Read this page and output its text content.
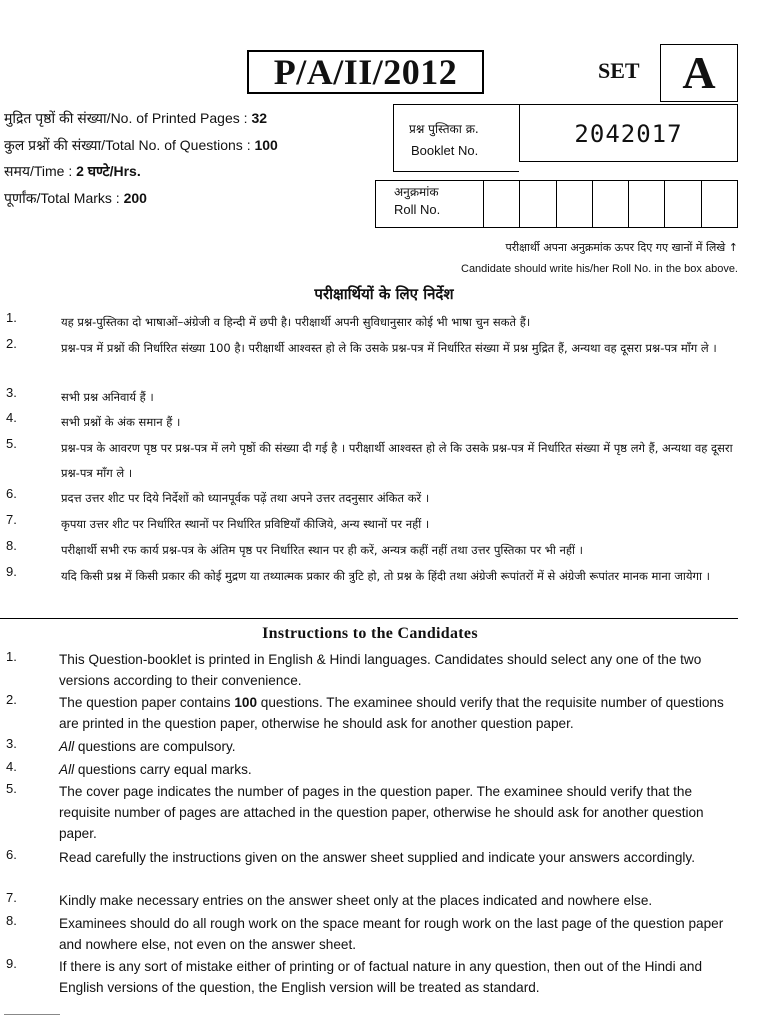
P/A/II/2012	SET A
मुद्रित पृष्ठों की संख्या/No. of Printed Pages : 32
कुल प्रश्नों की संख्या/Total No. of Questions : 100
समय/Time : 2 घण्टे/Hrs.
पूर्णांक/Total Marks : 200
प्रश्न पुस्तिका क्र.
Booklet No.
2042017
अनुक्रमांक
Roll No.
परीक्षार्थी अपना अनुक्रमांक ऊपर दिए गए खानों में लिखे ↑
Candidate should write his/her Roll No. in the box above.
परीक्षार्थियों के लिए निर्देश
1.	यह प्रश्न-पुस्तिका दो भाषाओं–अंग्रेजी व हिन्दी में छपी है। परीक्षार्थी अपनी सुविधानुसार कोई भी भाषा चुन सकते हैं।
2.	प्रश्न-पत्र में प्रश्नों की निर्धारित संख्या 100 है। परीक्षार्थी आश्वस्त हो ले कि उसके प्रश्न-पत्र में निर्धारित संख्या में प्रश्न मुद्रित हैं, अन्यथा वह दूसरा प्रश्न-पत्र माँग ले ।
3.	सभी प्रश्न अनिवार्य हैं ।
4.	सभी प्रश्नों के अंक समान हैं ।
5.	प्रश्न-पत्र के आवरण पृष्ठ पर प्रश्न-पत्र में लगे पृष्ठों की संख्या दी गई है । परीक्षार्थी आश्वस्त हो ले कि उसके प्रश्न-पत्र में निर्धारित संख्या में पृष्ठ लगे हैं, अन्यथा वह दूसरा प्रश्न-पत्र माँग ले ।
6.	प्रदत्त उत्तर शीट पर दिये निर्देशों को ध्यानपूर्वक पढ़ें तथा अपने उत्तर तदनुसार अंकित करें ।
7.	कृपया उत्तर शीट पर निर्धारित स्थानों पर निर्धारित प्रविष्टियाँ कीजिये, अन्य स्थानों पर नहीं ।
8.	परीक्षार्थी सभी रफ कार्य प्रश्न-पत्र के अंतिम पृष्ठ पर निर्धारित स्थान पर ही करें, अन्यत्र कहीं नहीं तथा उत्तर पुस्तिका पर भी नहीं ।
9.	यदि किसी प्रश्न में किसी प्रकार की कोई मुद्रण या तथ्यात्मक प्रकार की त्रुटि हो, तो प्रश्न के हिंदी तथा अंग्रेजी रूपांतरों में से अंग्रेजी रूपांतर मानक माना जायेगा ।
Instructions to the Candidates
1.	This Question-booklet is printed in English & Hindi languages. Candidates should select any one of the two versions according to their convenience.
2.	The question paper contains 100 questions. The examinee should verify that the requisite number of questions are printed in the question paper, otherwise he should ask for another question paper.
3.	All questions are compulsory.
4.	All questions carry equal marks.
5.	The cover page indicates the number of pages in the question paper. The examinee should verify that the requisite number of pages are attached in the question paper, otherwise he should ask for another question paper.
6.	Read carefully the instructions given on the answer sheet supplied and indicate your answers accordingly.
7.	Kindly make necessary entries on the answer sheet only at the places indicated and nowhere else.
8.	Examinees should do all rough work on the space meant for rough work on the last page of the question paper and nowhere else, not even on the answer sheet.
9.	If there is any sort of mistake either of printing or of factual nature in any question, then out of the Hindi and English versions of the question, the English version will be treated as standard.
